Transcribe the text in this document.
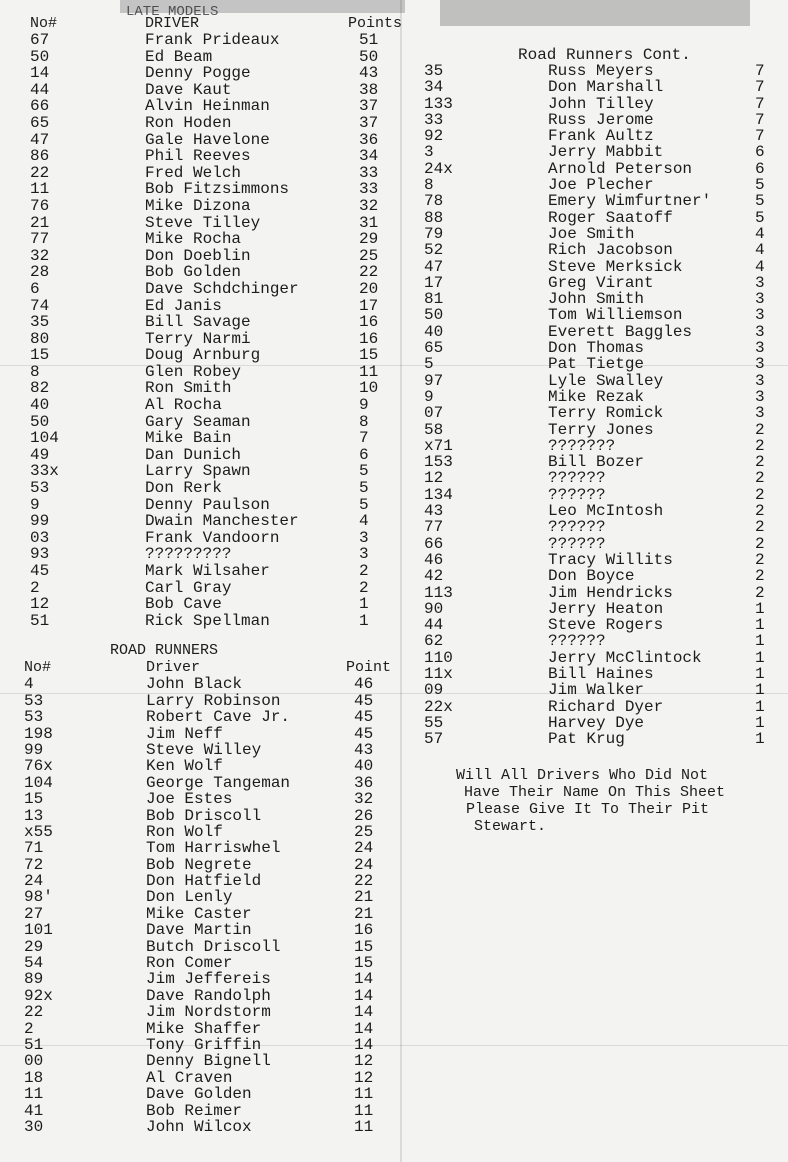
LATE MODELS
No#	DRIVER	Points
67	Frank Prideaux	51
50	Ed Beam	50
14	Denny Pogge	43
44	Dave Kaut	38
66	Alvin Heinman	37
65	Ron Hoden	37
47	Gale Havelone	36
86	Phil Reeves	34
22	Fred Welch	33
11	Bob Fitzsimmons	33
76	Mike Dizona	32
21	Steve Tilley	31
77	Mike Rocha	29
32	Don Doeblin	25
28	Bob Golden	22
6	Dave Schdchinger	20
74	Ed Janis	17
35	Bill Savage	16
80	Terry Narmi	16
15	Doug Arnburg	15
8	Glen Robey	11
82	Ron Smith	10
40	Al Rocha	9
50	Gary Seaman	8
104	Mike Bain	7
49	Dan Dunich	6
33x	Larry Spawn	5
53	Don Rerk	5
9	Denny Paulson	5
99	Dwain Manchester	4
03	Frank Vandoorn	3
93	?????????	3
45	Mark Wilsaher	2
2	Carl Gray	2
12	Bob Cave	1
51	Rick Spellman	1
ROAD RUNNERS
No#	Driver	Point
4	John Black	46
53	Larry Robinson	45
53	Robert Cave Jr.	45
198	Jim Neff	45
99	Steve Willey	43
76x	Ken Wolf	40
104	George Tangeman	36
15	Joe Estes	32
13	Bob Driscoll	26
x55	Ron Wolf	25
71	Tom Harriswhel	24
72	Bob Negrete	24
24	Don Hatfield	22
98'	Don Lenly	21
27	Mike Caster	21
101	Dave Martin	16
29	Butch Driscoll	15
54	Ron Comer	15
89	Jim Jeffereis	14
92x	Dave Randolph	14
22	Jim Nordstorm	14
2	Mike Shaffer	14
51	Tony Griffin	14
00	Denny Bignell	12
18	Al Craven	12
11	Dave Golden	11
41	Bob Reimer	11
30	John Wilcox	11
Road Runners Cont.
35	Russ Meyers	7
34	Don Marshall	7
133	John Tilley	7
33	Russ Jerome	7
92	Frank Aultz	7
3	Jerry Mabbit	6
24x	Arnold Peterson	6
8	Joe Plecher	5
78	Emery Wimfurtner'	5
88	Roger Saatoff	5
79	Joe Smith	4
52	Rich Jacobson	4
47	Steve Merksick	4
17	Greg Virant	3
81	John Smith	3
50	Tom Williemson	3
40	Everett Baggles	3
65	Don Thomas	3
5	Pat Tietge	3
97	Lyle Swalley	3
9	Mike Rezak	3
07	Terry Romick	3
58	Terry Jones	2
x71	???????	2
153	Bill Bozer	2
12	??????	2
134	??????	2
43	Leo McIntosh	2
77	??????	2
66	??????	2
46	Tracy Willits	2
42	Don Boyce	2
113	Jim Hendricks	2
90	Jerry Heaton	1
44	Steve Rogers	1
62	??????	1
110	Jerry McClintock	1
11x	Bill Haines	1
09	Jim Walker	1
22x	Richard Dyer	1
55	Harvey Dye	1
57	Pat Krug	1
Will All Drivers Who Did Not
Have Their Name On This Sheet
Please Give It To Their Pit
Stewart.
